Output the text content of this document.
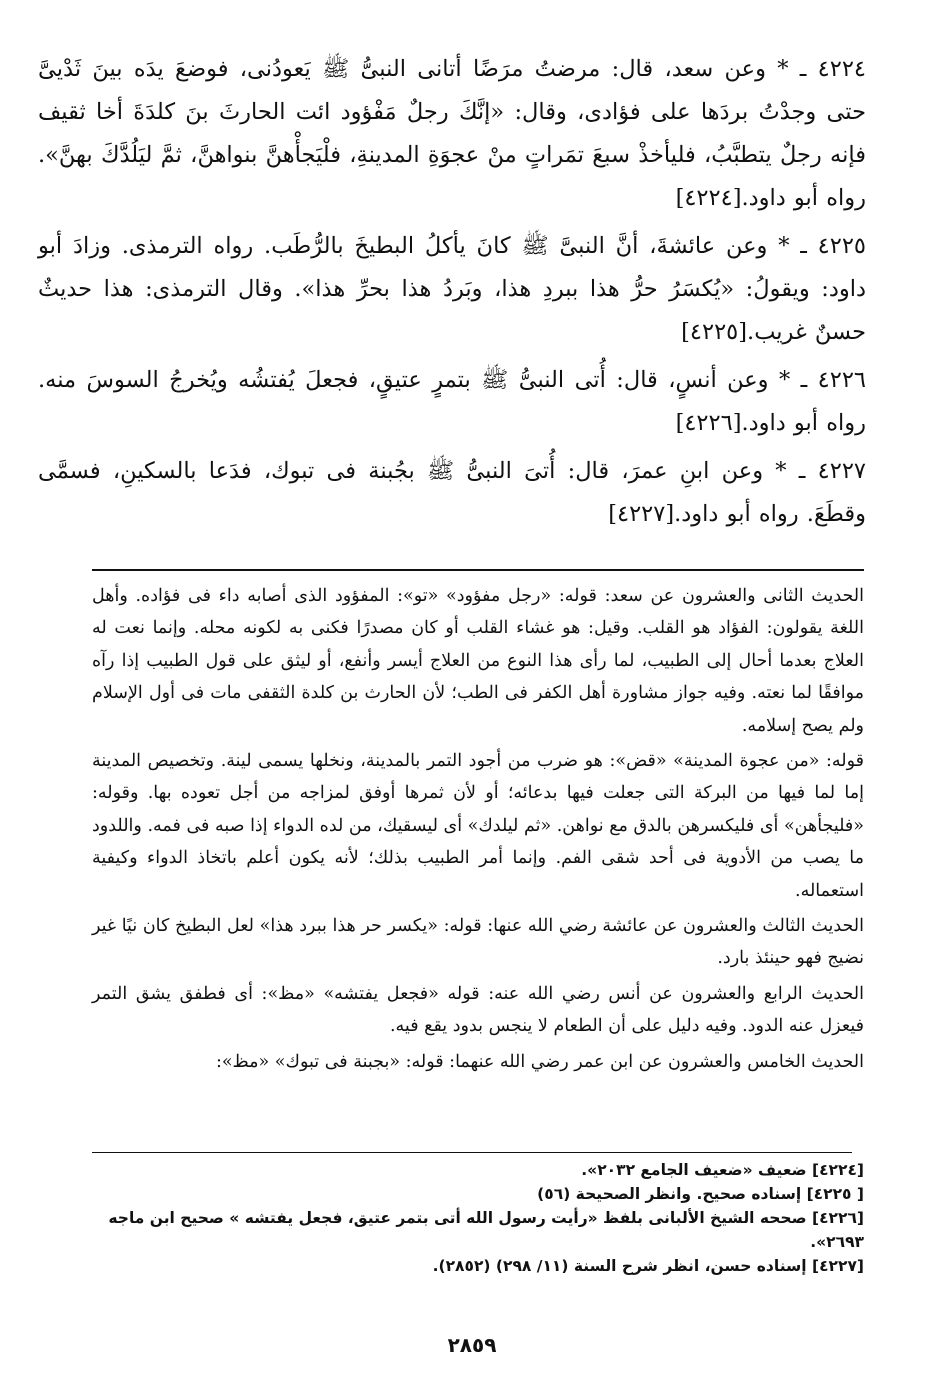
٤٢٢٤ ـ * وعن سعد، قال: مرضتُ مرَضًا أتانى النبىُّ ﷺ يَعودُنى، فوضعَ يدَه بينَ ثَدْيىَّ حتى وجدْتُ بردَها على فؤادى، وقال: «إنَّكَ رجلٌ مَفْؤود ائت الحارثَ بنَ كلدَةَ أخا ثقيف فإنه رجلٌ يتطبَّبُ، فليأخذْ سبعَ تمَراتٍ منْ عجوَةِ المدينةِ، فلْيَجأْهنَّ بنواهنَّ، ثمَّ ليَلُدَّكَ بهنَّ». رواه أبو داود.[٤٢٢٤]

٤٢٢٥ ـ * وعن عائشةَ، أنَّ النبىَّ ﷺ كانَ يأكلُ البطيخَ بالرُّطَب. رواه الترمذى. وزادَ أبو داود: ويقولُ: «يُكسَرُ حرُّ هذا ببردِ هذا، وبَردُ هذا بحرِّ هذا». وقال الترمذى: هذا حديثٌ حسنٌ غريب.[٤٢٢٥]

٤٢٢٦ ـ * وعن أنسٍ، قال: أُتى النبىُّ ﷺ بتمرٍ عتيقٍ، فجعلَ يُفتشُه ويُخرجُ السوسَ منه. رواه أبو داود.[٤٢٢٦]

٤٢٢٧ ـ * وعن ابنِ عمرَ، قال: أُتىَ النبىُّ ﷺ بجُبنة فى تبوك، فدَعا بالسكينِ، فسمَّى وقطَعَ. رواه أبو داود.[٤٢٢٧]

الحديث الثانى والعشرون عن سعد: قوله: «رجل مفؤود» «تو»: المفؤود الذى أصابه داء فى فؤاده. وأهل اللغة يقولون: الفؤاد هو القلب. وقيل: هو غشاء القلب أو كان مصدرًا فكنى به لكونه محله. وإنما نعت له العلاج بعدما أحال إلى الطبيب، لما رأى هذا النوع من العلاج أيسر وأنفع، أو ليثق على قول الطبيب إذا رآه موافقًا لما نعته. وفيه جواز مشاورة أهل الكفر فى الطب؛ لأن الحارث بن كلدة الثقفى مات فى أول الإسلام ولم يصح إسلامه.

قوله: «من عجوة المدينة» «قض»: هو ضرب من أجود التمر بالمدينة، ونخلها يسمى لينة. وتخصيص المدينة إما لما فيها من البركة التى جعلت فيها بدعائه؛ أو لأن ثمرها أوفق لمزاجه من أجل تعوده بها. وقوله: «فليجأهن» أى فليكسرهن بالدق مع نواهن. «ثم ليلدك» أى ليسقيك، من لده الدواء إذا صبه فى فمه. واللدود ما يصب من الأدوية فى أحد شقى الفم. وإنما أمر الطبيب بذلك؛ لأنه يكون أعلم باتخاذ الدواء وكيفية استعماله.

الحديث الثالث والعشرون عن عائشة رضي الله عنها: قوله: «يكسر حر هذا ببرد هذا» لعل البطيخ كان نيًا غير نضيج فهو حينئذ بارد.

الحديث الرابع والعشرون عن أنس رضي الله عنه: قوله «فجعل يفتشه» «مظ»: أى فطفق يشق التمر فيعزل عنه الدود. وفيه دليل على أن الطعام لا ينجس بدود يقع فيه.

الحديث الخامس والعشرون عن ابن عمر رضي الله عنهما: قوله: «بجبنة فى تبوك» «مظ»:

[٤٢٢٤] ضعيف «ضعيف الجامع ٢٠٣٢».

[ ٤٢٢٥] إسناده صحيح. وانظر الصحيحة (٥٦)

[٤٢٢٦] صححه الشيخ الألبانى بلفظ «رأيت رسول الله أتى بتمر عتيق، فجعل يفتشه » صحيح ابن ماجه ٢٦٩٣».

[٤٢٢٧] إسناده حسن، انظر شرح السنة (١١/ ٢٩٨) (٢٨٥٢).

٢٨٥٩
